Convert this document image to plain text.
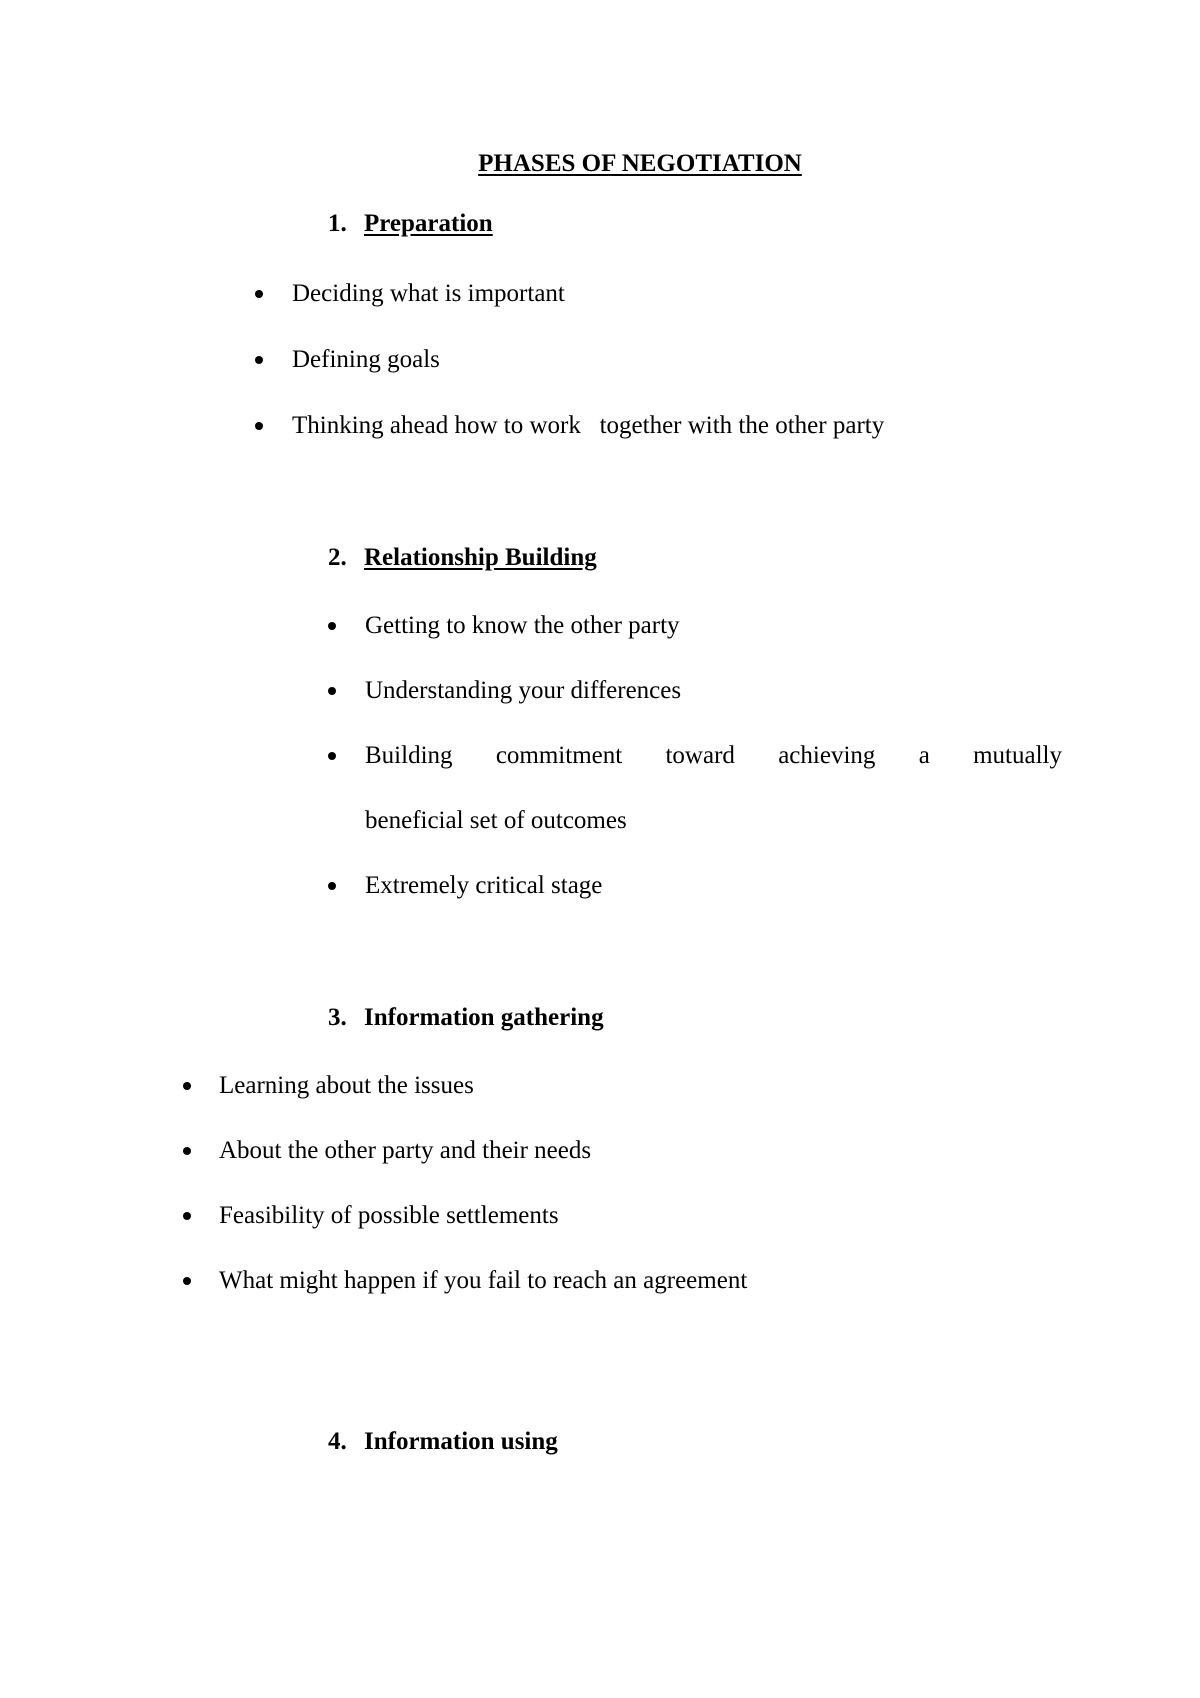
PHASES OF NEGOTIATION
1. Preparation
Deciding what is important
Defining goals
Thinking ahead how to work   together with the other party
2. Relationship Building
Getting to know the other party
Understanding your differences
Building commitment toward achieving a mutually
beneficial set of outcomes
Extremely critical stage
3. Information gathering
Learning about the issues
About the other party and their needs
Feasibility of possible settlements
What might happen if you fail to reach an agreement
4. Information using
